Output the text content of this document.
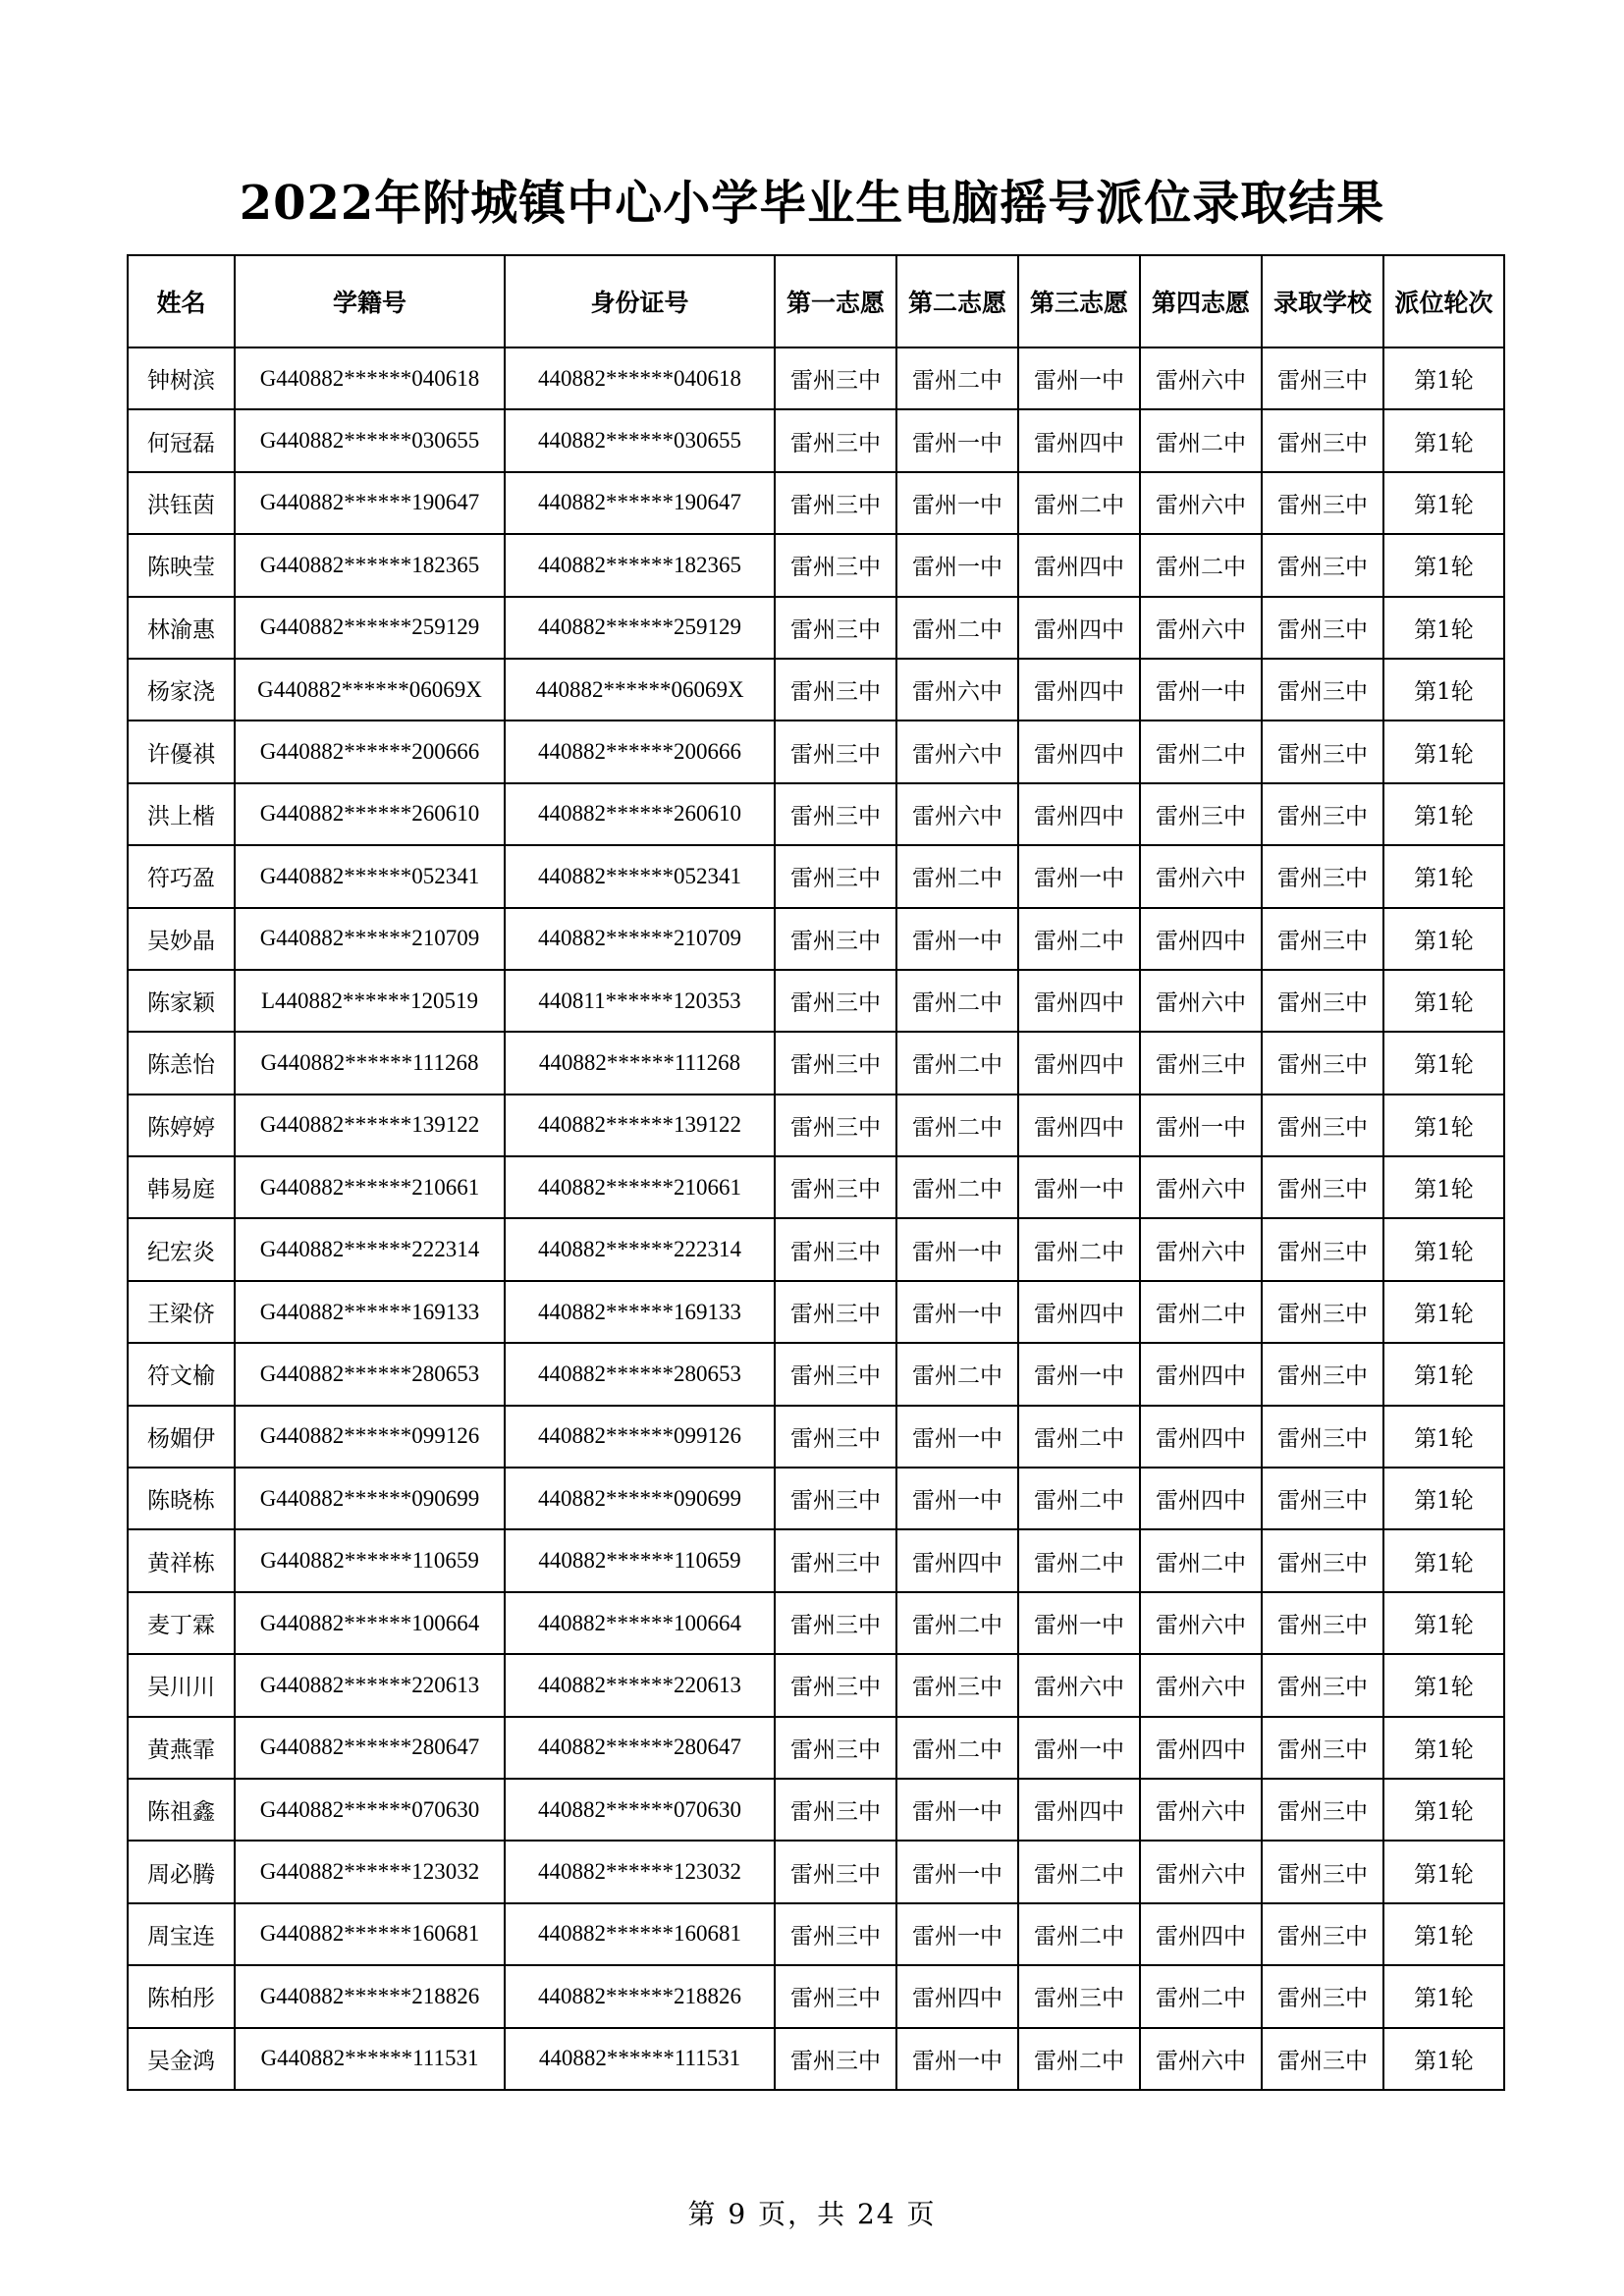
2022年附城镇中心小学毕业生电脑摇号派位录取结果
姓名	学籍号	身份证号	第一志愿	第二志愿	第三志愿	第四志愿	录取学校	派位轮次
钟树滨	G440882******040618	440882******040618	雷州三中	雷州二中	雷州一中	雷州六中	雷州三中	第1轮
何冠磊	G440882******030655	440882******030655	雷州三中	雷州一中	雷州四中	雷州二中	雷州三中	第1轮
洪钰茵	G440882******190647	440882******190647	雷州三中	雷州一中	雷州二中	雷州六中	雷州三中	第1轮
陈映莹	G440882******182365	440882******182365	雷州三中	雷州一中	雷州四中	雷州二中	雷州三中	第1轮
林渝惠	G440882******259129	440882******259129	雷州三中	雷州二中	雷州四中	雷州六中	雷州三中	第1轮
杨家浇	G440882******06069X	440882******06069X	雷州三中	雷州六中	雷州四中	雷州一中	雷州三中	第1轮
许優祺	G440882******200666	440882******200666	雷州三中	雷州六中	雷州四中	雷州二中	雷州三中	第1轮
洪上楷	G440882******260610	440882******260610	雷州三中	雷州六中	雷州四中	雷州三中	雷州三中	第1轮
符巧盈	G440882******052341	440882******052341	雷州三中	雷州二中	雷州一中	雷州六中	雷州三中	第1轮
吴妙晶	G440882******210709	440882******210709	雷州三中	雷州一中	雷州二中	雷州四中	雷州三中	第1轮
陈家颖	L440882******120519	440811******120353	雷州三中	雷州二中	雷州四中	雷州六中	雷州三中	第1轮
陈恙怡	G440882******111268	440882******111268	雷州三中	雷州二中	雷州四中	雷州三中	雷州三中	第1轮
陈婷婷	G440882******139122	440882******139122	雷州三中	雷州二中	雷州四中	雷州一中	雷州三中	第1轮
韩易庭	G440882******210661	440882******210661	雷州三中	雷州二中	雷州一中	雷州六中	雷州三中	第1轮
纪宏炎	G440882******222314	440882******222314	雷州三中	雷州一中	雷州二中	雷州六中	雷州三中	第1轮
王梁侪	G440882******169133	440882******169133	雷州三中	雷州一中	雷州四中	雷州二中	雷州三中	第1轮
符文榆	G440882******280653	440882******280653	雷州三中	雷州二中	雷州一中	雷州四中	雷州三中	第1轮
杨媚伊	G440882******099126	440882******099126	雷州三中	雷州一中	雷州二中	雷州四中	雷州三中	第1轮
陈晓栋	G440882******090699	440882******090699	雷州三中	雷州一中	雷州二中	雷州四中	雷州三中	第1轮
黄祥栋	G440882******110659	440882******110659	雷州三中	雷州四中	雷州二中	雷州二中	雷州三中	第1轮
麦丁霖	G440882******100664	440882******100664	雷州三中	雷州二中	雷州一中	雷州六中	雷州三中	第1轮
吴川川	G440882******220613	440882******220613	雷州三中	雷州三中	雷州六中	雷州六中	雷州三中	第1轮
黄燕霏	G440882******280647	440882******280647	雷州三中	雷州二中	雷州一中	雷州四中	雷州三中	第1轮
陈祖鑫	G440882******070630	440882******070630	雷州三中	雷州一中	雷州四中	雷州六中	雷州三中	第1轮
周必腾	G440882******123032	440882******123032	雷州三中	雷州一中	雷州二中	雷州六中	雷州三中	第1轮
周宝连	G440882******160681	440882******160681	雷州三中	雷州一中	雷州二中	雷州四中	雷州三中	第1轮
陈柏彤	G440882******218826	440882******218826	雷州三中	雷州四中	雷州三中	雷州二中	雷州三中	第1轮
吴金鸿	G440882******111531	440882******111531	雷州三中	雷州一中	雷州二中	雷州六中	雷州三中	第1轮
第 9 页，共 24 页
